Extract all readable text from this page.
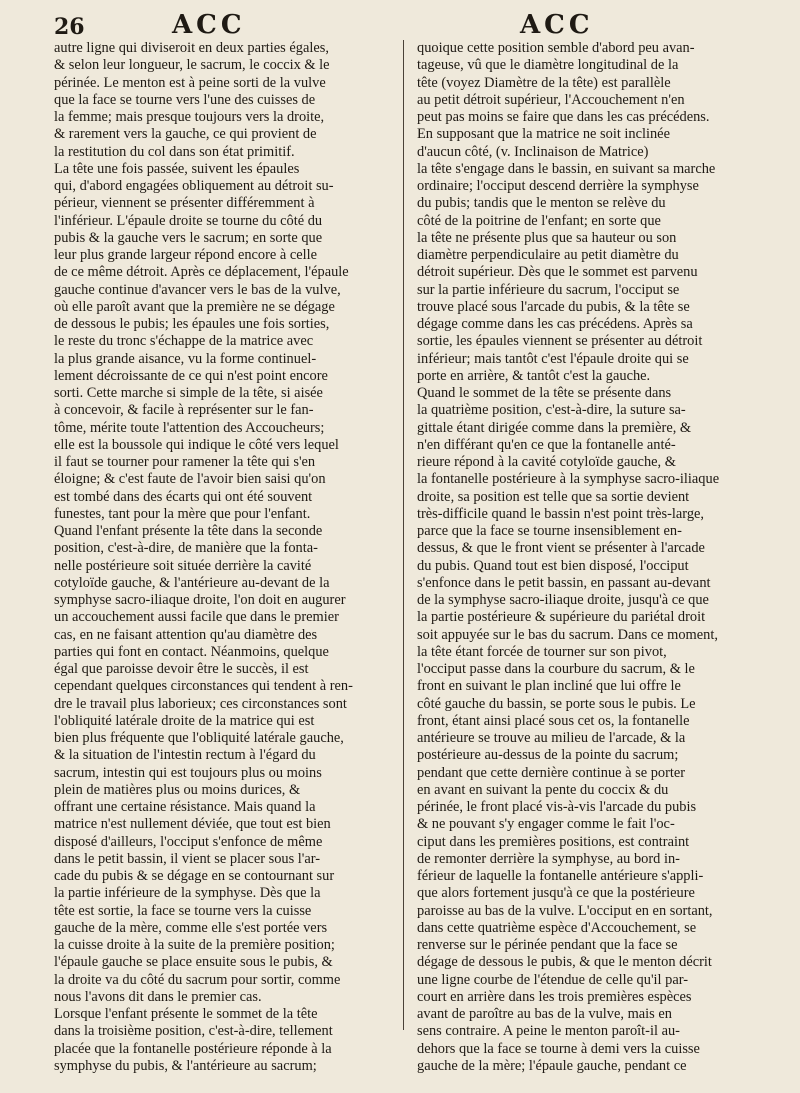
26	ACC	ACC
autre ligne qui diviseroit en deux parties égales,
& selon leur longueur, le sacrum, le coccix & le
périnée. Le menton est à peine sorti de la vulve
que la face se tourne vers l'une des cuisses de
la femme; mais presque toujours vers la droite,
& rarement vers la gauche, ce qui provient de
la restitution du col dans son état primitif.
La tête une fois passée, suivent les épaules
qui, d'abord engagées obliquement au détroit su-
périeur, viennent se présenter différemment à
l'inférieur. L'épaule droite se tourne du côté du
pubis & la gauche vers le sacrum; en sorte que
leur plus grande largeur répond encore à celle
de ce même détroit. Après ce déplacement, l'épaule
gauche continue d'avancer vers le bas de la vulve,
où elle paroît avant que la première ne se dégage
de dessous le pubis; les épaules une fois sorties,
le reste du tronc s'échappe de la matrice avec
la plus grande aisance, vu la forme continuel-
lement décroissante de ce qui n'est point encore
sorti. Cette marche si simple de la tête, si aisée
à concevoir, & facile à représenter sur le fan-
tôme, mérite toute l'attention des Accoucheurs;
elle est la boussole qui indique le côté vers lequel
il faut se tourner pour ramener la tête qui s'en
éloigne; & c'est faute de l'avoir bien saisi qu'on
est tombé dans des écarts qui ont été souvent
funestes, tant pour la mère que pour l'enfant.
Quand l'enfant présente la tête dans la seconde
position, c'est-à-dire, de manière que la fonta-
nelle postérieure soit située derrière la cavité
cotyloïde gauche, & l'antérieure au-devant de la
symphyse sacro-iliaque droite, l'on doit en augurer
un accouchement aussi facile que dans le premier
cas, en ne faisant attention qu'au diamètre des
parties qui font en contact. Néanmoins, quelque
égal que paroisse devoir être le succès, il est
cependant quelques circonstances qui tendent à ren-
dre le travail plus laborieux; ces circonstances sont
l'obliquité latérale droite de la matrice qui est
bien plus fréquente que l'obliquité latérale gauche,
& la situation de l'intestin rectum à l'égard du
sacrum, intestin qui est toujours plus ou moins
plein de matières plus ou moins durices, &
offrant une certaine résistance. Mais quand la
matrice n'est nullement déviée, que tout est bien
disposé d'ailleurs, l'occiput s'enfonce de même
dans le petit bassin, il vient se placer sous l'ar-
cade du pubis & se dégage en se contournant sur
la partie inférieure de la symphyse. Dès que la
tête est sortie, la face se tourne vers la cuisse
gauche de la mère, comme elle s'est portée vers
la cuisse droite à la suite de la première position;
l'épaule gauche se place ensuite sous le pubis, &
la droite va du côté du sacrum pour sortir, comme
nous l'avons dit dans le premier cas.
Lorsque l'enfant présente le sommet de la tête
dans la troisième position, c'est-à-dire, tellement
placée que la fontanelle postérieure réponde à la
symphyse du pubis, & l'antérieure au sacrum;
quoique cette position semble d'abord peu avan-
tageuse, vû que le diamètre longitudinal de la
tête (voyez Diamètre de la tête) est parallèle
au petit détroit supérieur, l'Accouchement n'en
peut pas moins se faire que dans les cas précédens.
En supposant que la matrice ne soit inclinée
d'aucun côté, (v. Inclinaison de Matrice)
la tête s'engage dans le bassin, en suivant sa marche
ordinaire; l'occiput descend derrière la symphyse
du pubis; tandis que le menton se relève du
côté de la poitrine de l'enfant; en sorte que
la tête ne présente plus que sa hauteur ou son
diamètre perpendiculaire au petit diamètre du
détroit supérieur. Dès que le sommet est parvenu
sur la partie inférieure du sacrum, l'occiput se
trouve placé sous l'arcade du pubis, & la tête se
dégage comme dans les cas précédens. Après sa
sortie, les épaules viennent se présenter au détroit
inférieur; mais tantôt c'est l'épaule droite qui se
porte en arrière, & tantôt c'est la gauche.
Quand le sommet de la tête se présente dans
la quatrième position, c'est-à-dire, la suture sa-
gittale étant dirigée comme dans la première, &
n'en différant qu'en ce que la fontanelle anté-
rieure répond à la cavité cotyloïde gauche, &
la fontanelle postérieure à la symphyse sacro-iliaque
droite, sa position est telle que sa sortie devient
très-difficile quand le bassin n'est point très-large,
parce que la face se tourne insensiblement en-
dessus, & que le front vient se présenter à l'arcade
du pubis. Quand tout est bien disposé, l'occiput
s'enfonce dans le petit bassin, en passant au-devant
de la symphyse sacro-iliaque droite, jusqu'à ce que
la partie postérieure & supérieure du pariétal droit
soit appuyée sur le bas du sacrum. Dans ce moment,
la tête étant forcée de tourner sur son pivot,
l'occiput passe dans la courbure du sacrum, & le
front en suivant le plan incliné que lui offre le
côté gauche du bassin, se porte sous le pubis. Le
front, étant ainsi placé sous cet os, la fontanelle
antérieure se trouve au milieu de l'arcade, & la
postérieure au-dessus de la pointe du sacrum;
pendant que cette dernière continue à se porter
en avant en suivant la pente du coccix & du
périnée, le front placé vis-à-vis l'arcade du pubis
& ne pouvant s'y engager comme le fait l'oc-
ciput dans les premières positions, est contraint
de remonter derrière la symphyse, au bord in-
férieur de laquelle la fontanelle antérieure s'appli-
que alors fortement jusqu'à ce que la postérieure
paroisse au bas de la vulve. L'occiput en en sortant,
dans cette quatrième espèce d'Accouchement, se
renverse sur le périnée pendant que la face se
dégage de dessous le pubis, & que le menton décrit
une ligne courbe de l'étendue de celle qu'il par-
court en arrière dans les trois premières espèces
avant de paroître au bas de la vulve, mais en
sens contraire. A peine le menton paroît-il au-
dehors que la face se tourne à demi vers la cuisse
gauche de la mère; l'épaule gauche, pendant ce
